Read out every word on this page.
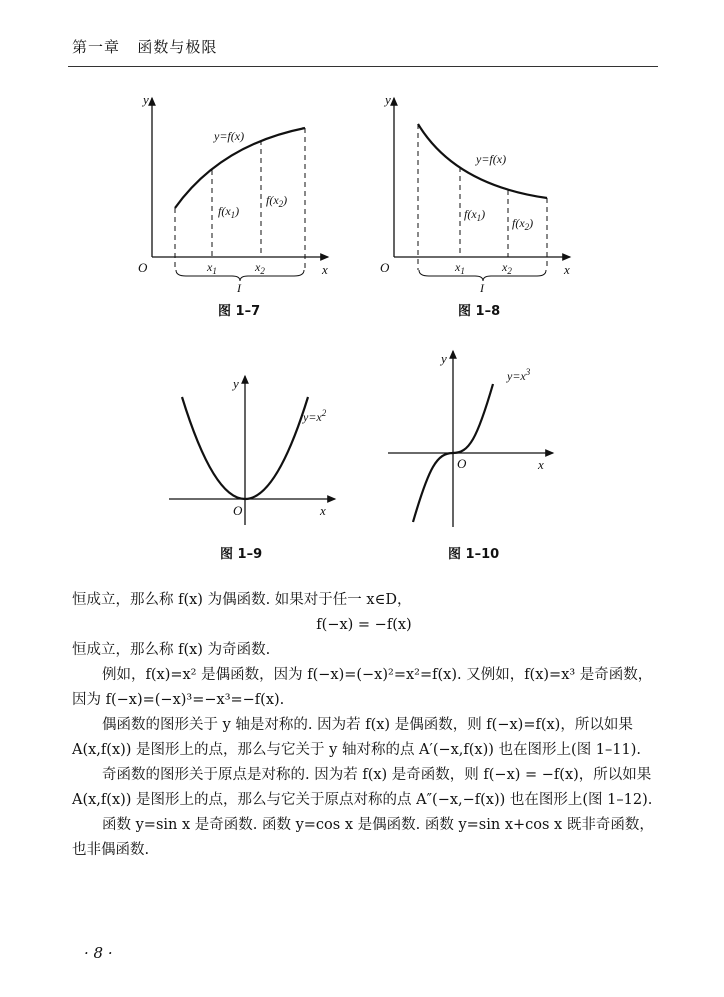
第一章 函数与极限
y
x
O
y=f(x)
$x_1$	$x_2$
$f(x_1)$
$f(x_2)$
I
图 1–7
y
x
O
y=f(x)
$x_1$	$x_2$
$f(x_1)$
$f(x_2)$
I
图 1–8
y
x
O
$y=x^2$
图 1–9
y
x
O
$y=x^3$
图 1–10

恒成立，那么称 f(x) 为偶函数. 如果对于任一 x∈D，

f(−x) = −f(x)

恒成立，那么称 f(x) 为奇函数.

例如，f(x)=x² 是偶函数，因为 f(−x)=(−x)²=x²=f(x). 又例如，f(x)=x³ 是奇函数，因为 f(−x)=(−x)³=−x³=−f(x).

偶函数的图形关于 y 轴是对称的. 因为若 f(x) 是偶函数，则 f(−x)=f(x)，所以如果 A(x,f(x)) 是图形上的点，那么与它关于 y 轴对称的点 A′(−x,f(x)) 也在图形上(图 1–11).

奇函数的图形关于原点是对称的. 因为若 f(x) 是奇函数，则 f(−x) = −f(x)，所以如果 A(x,f(x)) 是图形上的点，那么与它关于原点对称的点 A″(−x,−f(x)) 也在图形上(图 1–12).

函数 y=sin x 是奇函数. 函数 y=cos x 是偶函数. 函数 y=sin x+cos x 既非奇函数，也非偶函数.

· 8 ·
